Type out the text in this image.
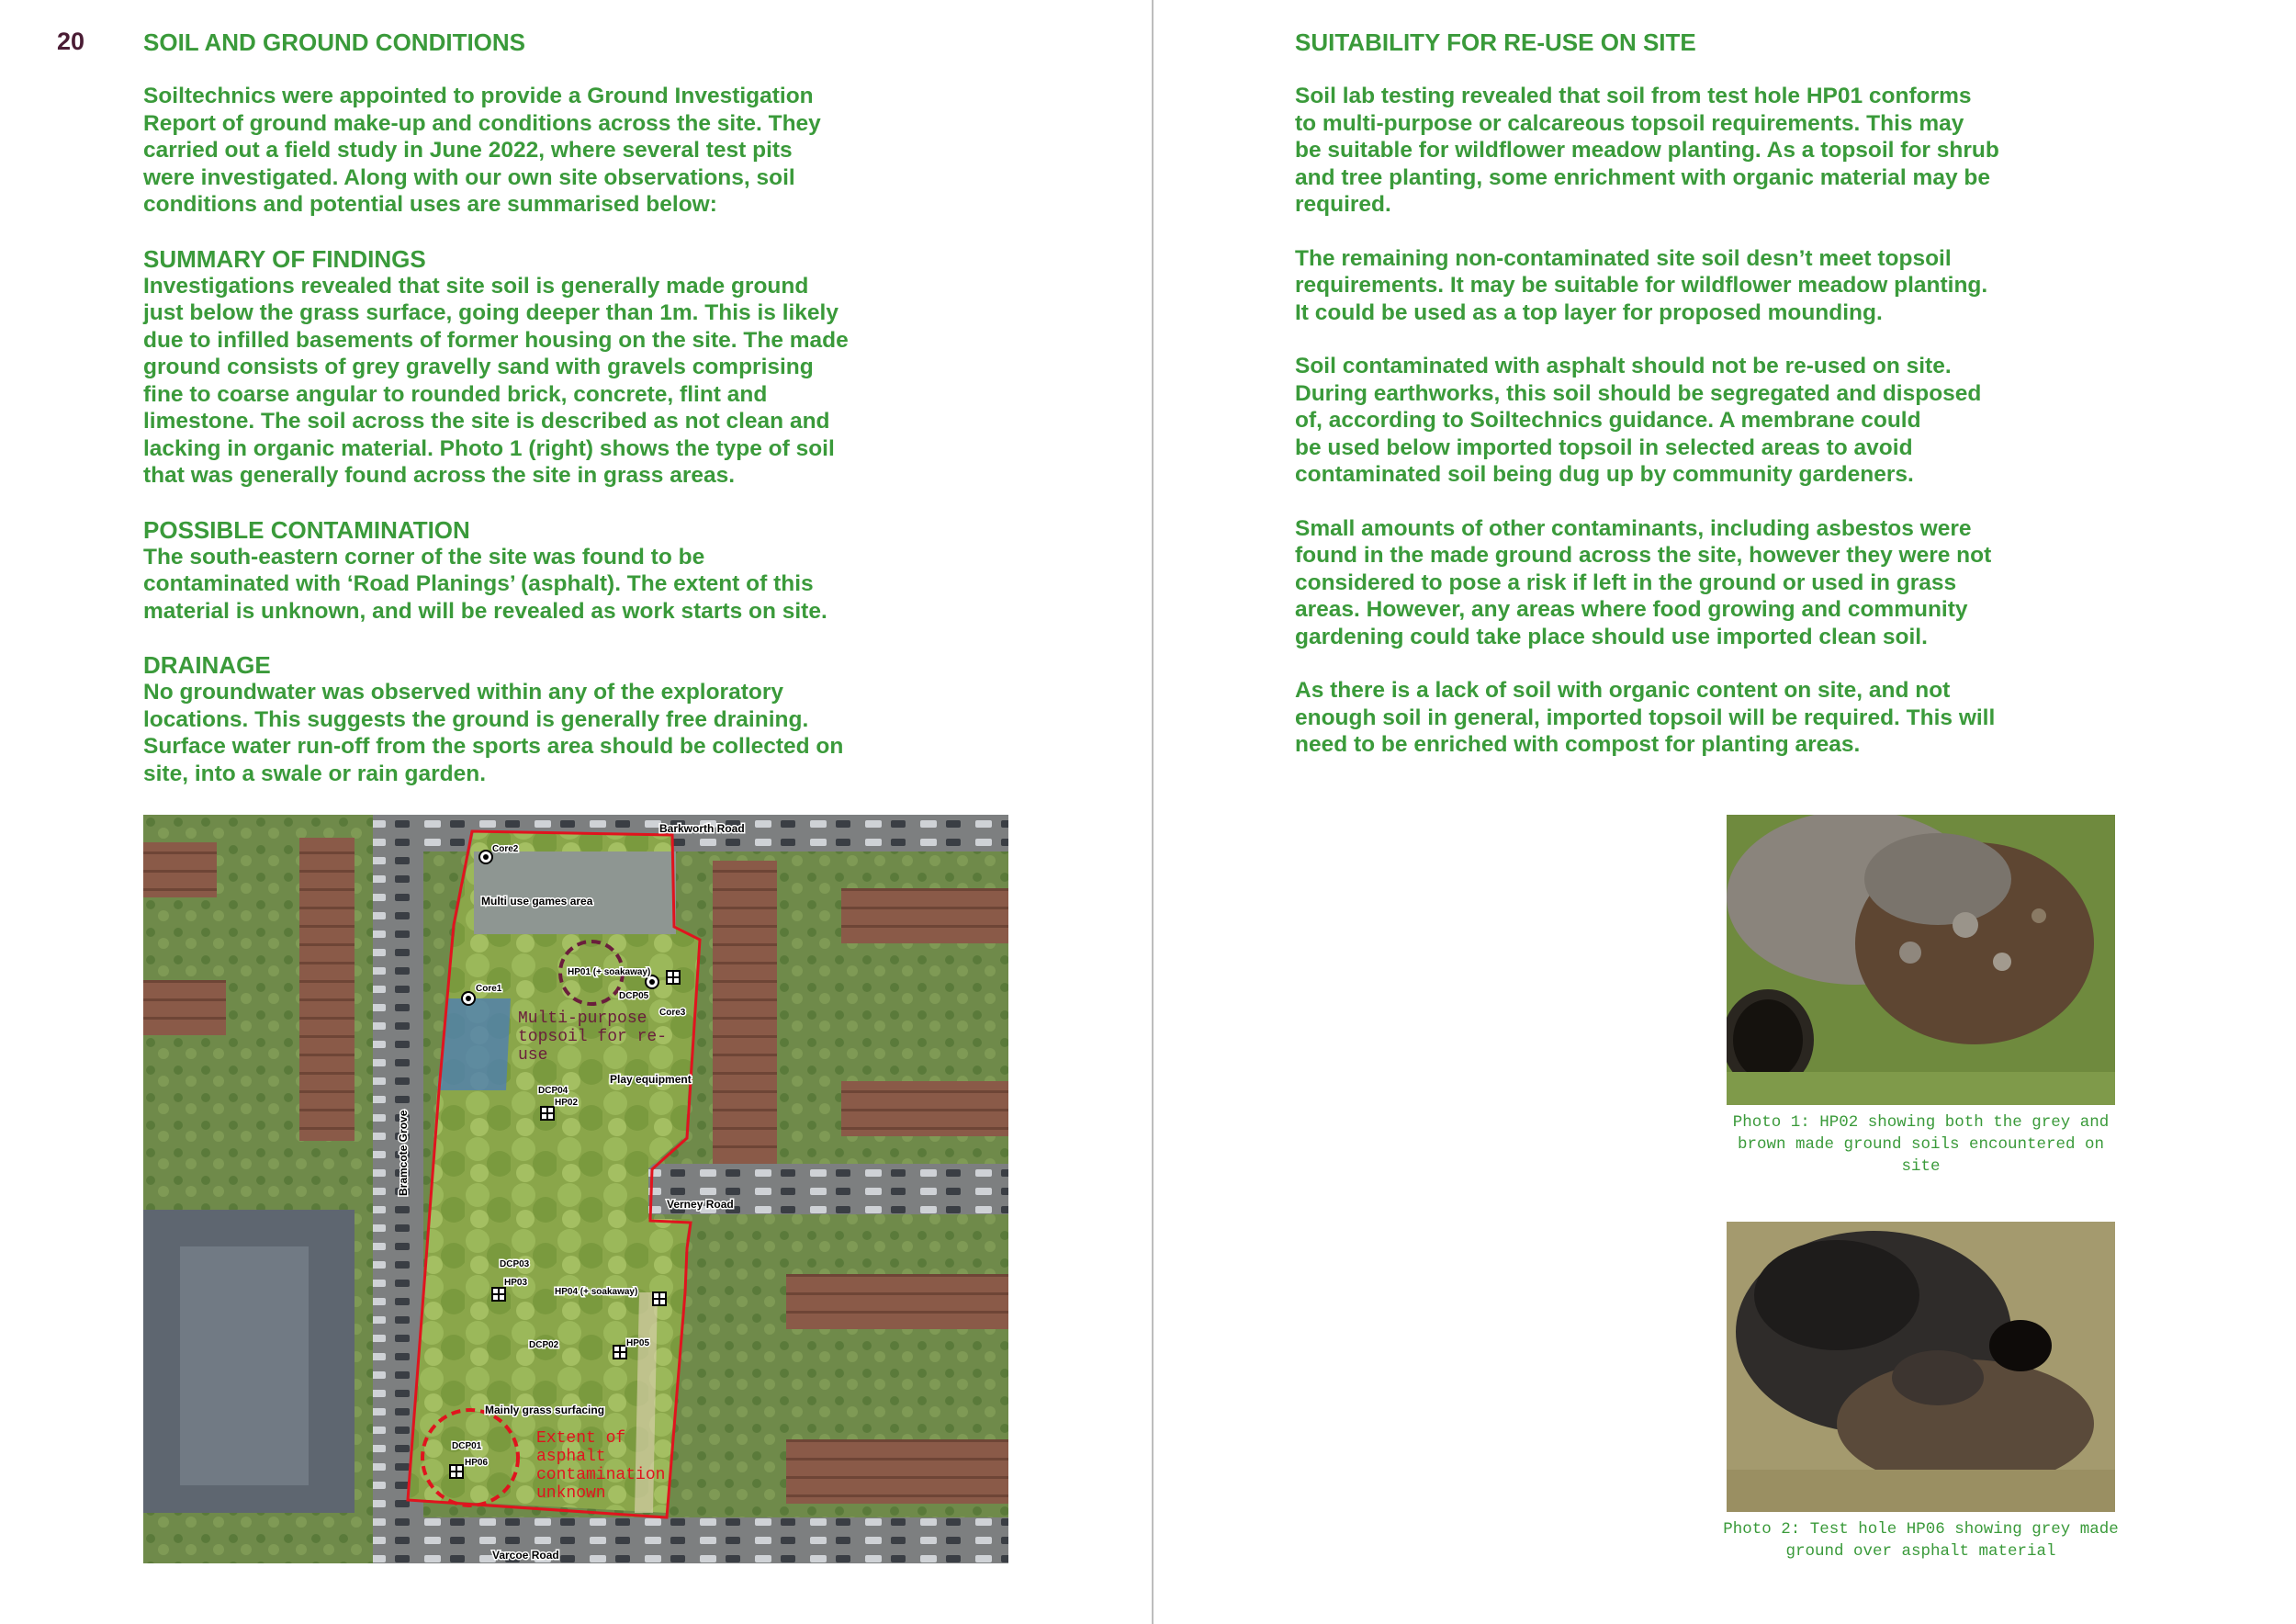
20 SOIL AND GROUND CONDITIONS

Soiltechnics were appointed to provide a Ground Investigation

Report of ground make-up and conditions across the site. They

carried out a field study in June 2022, where several test pits

were investigated. Along with our own site observations, soil

conditions and potential uses are summarised below:

SUMMARY OF FINDINGS

Investigations revealed that site soil is generally made ground

just below the grass surface, going deeper than 1m. This is likely

due to infilled basements of former housing on the site. The made

ground consists of grey gravelly sand with gravels comprising

fine to coarse angular to rounded brick, concrete, flint and

limestone. The soil across the site is described as not clean and

lacking in organic material. Photo 1 (right) shows the type of soil

that was generally found across the site in grass areas.

POSSIBLE CONTAMINATION

The south-eastern corner of the site was found to be

contaminated with ‘Road Planings’ (asphalt). The extent of this

material is unknown, and will be revealed as work starts on site.

DRAINAGE

No groundwater was observed within any of the exploratory

locations. This suggests the ground is generally free draining.

Surface water run-off from the sports area should be collected on

site, into a swale or rain garden.

Barkworth Road
Bramcote Grove
Verney Road
Varcoe Road
Multi use games area
Play equipment
Mainly grass surfacing
Core2
Core1
Core3
HP01 (+ soakaway)
DCP05
DCP04
HP02
DCP03
HP03
HP04 (+ soakaway)
DCP02	HP05
DCP01
HP06
Multi-purpose
topsoil for re-
use
Extent of
asphalt
contamination
unknown
SUITABILITY FOR RE-USE ON SITE

Soil lab testing revealed that soil from test hole HP01 conforms

to multi-purpose or calcareous topsoil requirements. This may

be suitable for wildflower meadow planting. As a topsoil for shrub

and tree planting, some enrichment with organic material may be

required.

The remaining non-contaminated site soil desn’t meet topsoil

requirements. It may be suitable for wildflower meadow planting.

It could be used as a top layer for proposed mounding.

Soil contaminated with asphalt should not be re-used on site.

During earthworks, this soil should be segregated and disposed

of, according to Soiltechnics guidance. A membrane could

be used below imported topsoil in selected areas to avoid

contaminated soil being dug up by community gardeners.

Small amounts of other contaminants, including asbestos were

found in the made ground across the site, however they were not

considered to pose a risk if left in the ground or used in grass

areas. However, any areas where food growing and community

gardening could take place should use imported clean soil.

As there is a lack of soil with organic content on site, and not

enough soil in general, imported topsoil will be required. This will

need to be enriched with compost for planting areas.

Photo 1: HP02 showing both the grey and
brown made ground soils encountered on
site
Photo 2: Test hole HP06 showing grey made
ground over asphalt material
